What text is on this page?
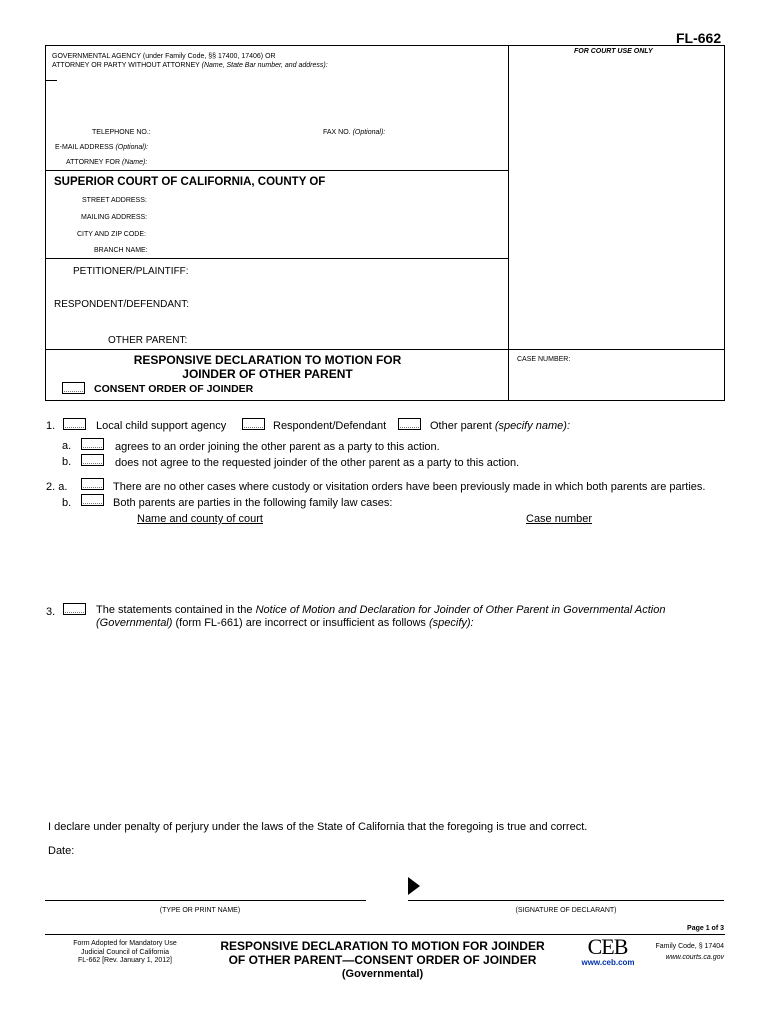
FL-662
GOVERNMENTAL AGENCY (under Family Code, §§ 17400, 17406) OR
ATTORNEY OR PARTY WITHOUT ATTORNEY (Name, State Bar number, and address):
FOR COURT USE ONLY
TELEPHONE NO.:	FAX NO. (Optional):
E-MAIL ADDRESS (Optional):
ATTORNEY FOR (Name):
SUPERIOR COURT OF CALIFORNIA, COUNTY OF
STREET ADDRESS:
MAILING ADDRESS:
CITY AND ZIP CODE:
BRANCH NAME:
PETITIONER/PLAINTIFF:
RESPONDENT/DEFENDANT:
OTHER PARENT:
RESPONSIVE DECLARATION TO MOTION FOR
JOINDER OF OTHER PARENT
CASE NUMBER:
CONSENT ORDER OF JOINDER
1.	Local child support agency	Respondent/Defendant	Other parent (specify name):
a.	agrees to an order joining the other parent as a party to this action.
b.	does not agree to the requested joinder of the other parent as a party to this action.
2. a.	There are no other cases where custody or visitation orders have been previously made in which both parents are parties.
b.	Both parents are parties in the following family law cases:
Name and county of court	Case number
3.	The statements contained in the Notice of Motion and Declaration for Joinder of Other Parent in Governmental Action
(Governmental) (form FL-661) are incorrect or insufficient as follows (specify):
I declare under penalty of perjury under the laws of the State of California that the foregoing is true and correct.
Date:
(TYPE OR PRINT NAME)	(SIGNATURE OF DECLARANT)
Page 1 of 3
Form Adopted for Mandatory Use
Judicial Council of California
FL-662 [Rev. January 1, 2012]
RESPONSIVE DECLARATION TO MOTION FOR JOINDER
OF OTHER PARENT—CONSENT ORDER OF JOINDER
(Governmental)
CEB
www.ceb.com
Family Code, § 17404
www.courts.ca.gov
